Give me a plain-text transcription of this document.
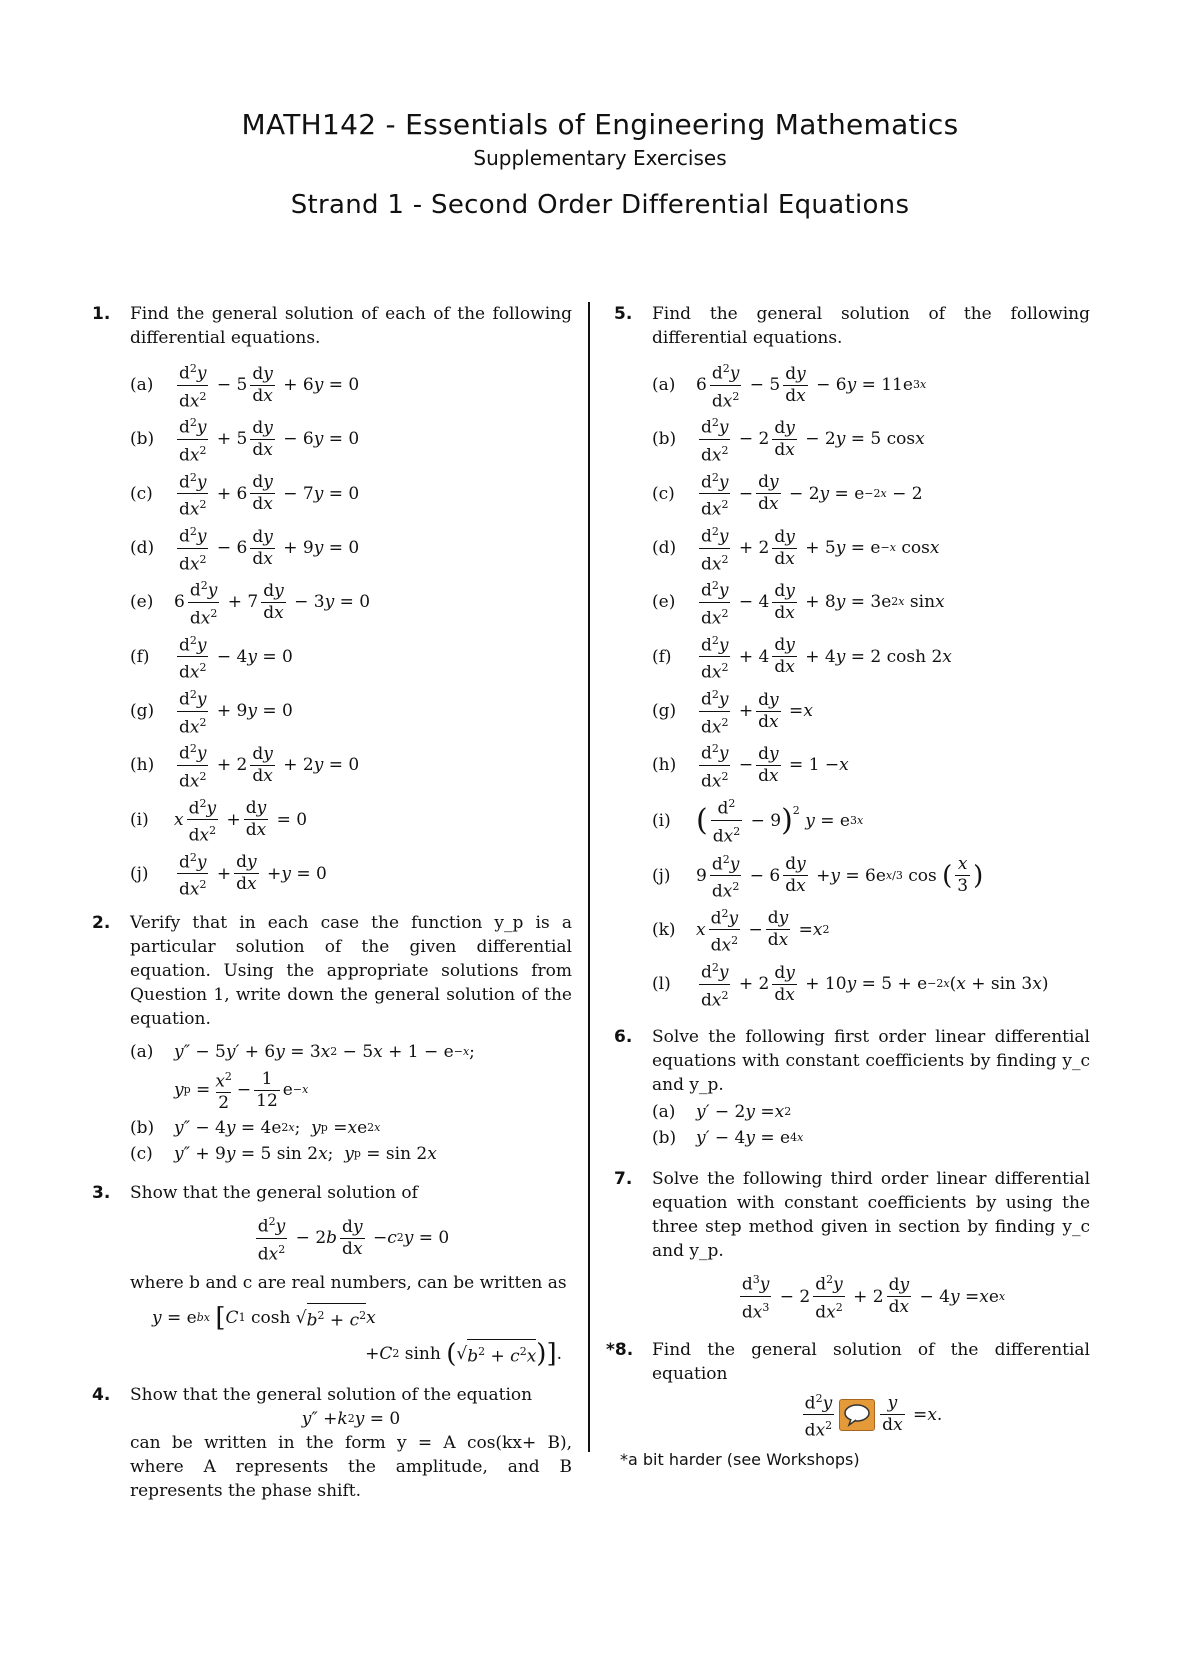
MATH142 - Essentials of Engineering Mathematics
Supplementary Exercises
Strand 1 - Second Order Differential Equations
1. Find the general solution of each of the following differential equations.
(a)	$\frac{d^2y}{dx^2} - 5 \frac{dy}{dx} + 6$ y = 0
(b)	$\frac{d^2y}{dx^2} + 5 \frac{dy}{dx} - 6$ y = 0
(c)	$\frac{d^2y}{dx^2} + 6 \frac{dy}{dx} - 7$ y = 0
(d)	$\frac{d^2y}{dx^2} - 6 \frac{dy}{dx} + 9$ y = 0
(e)	$6 \frac{d^2y}{dx^2} + 7 \frac{dy}{dx} - 3$ y = 0
(f)	$\frac{d^2y}{dx^2} - 4$ y = 0
(g)	$\frac{d^2y}{dx^2} + 9$ y = 0
(h)	$\frac{d^2y}{dx^2} + 2 \frac{dy}{dx} + 2$ y = 0
(i)	x $\frac{d^2y}{dx^2} + \frac{dy}{dx} = 0$
(j)	$\frac{d^2y}{dx^2} + \frac{dy}{dx} + y = 0$
2. Verify that in each case the function y_p is a particular solution of the given differential equation. Using the appropriate solutions from Question 1, write down the general solution of the equation.
(a)	y″ − 5 y′ + 6 y = 3 x 2 − 5 x + 1 − e −x ;
y $p = \frac{x^2}{2} - \frac{1}{12}$ e −x
(b)	y″ − 4 y = 4e 2x ; y p = x e 2x
(c)	y″ + 9 y = 5 sin 2 x ; y p = sin 2 x
3. Show that the general solution of
$\frac{d^2y}{dx^2} - 2$ b $\frac{dy}{dx} - c$ 2 y = 0
where b and c are real numbers, can be written as
y = e bx
[ C 1 cosh √ $b^2 + c^2$ x
+ C 2 sinh ( √ $b^2 + c^2x$ ) ] .
4. Show that the general solution of the equation
y″ + k 2 y = 0
can be written in the form y = A cos(kx+ B), where A represents the amplitude, and B represents the phase shift.
5. Find the general solution of the following differential equations.
(a)	$6 \frac{d^2y}{dx^2} - 5 \frac{dy}{dx} - 6$ y = 11e 3x
(b)	$\frac{d^2y}{dx^2} - 2 \frac{dy}{dx} - 2$ y = 5 cos x
(c)	$\frac{d^2y}{dx^2} - \frac{dy}{dx} - 2$ y = e −2x − 2
(d)	$\frac{d^2y}{dx^2} + 2 \frac{dy}{dx} + 5$ y = e −x cos x
(e)	$\frac{d^2y}{dx^2} - 4 \frac{dy}{dx} + 8$ y = 3e 2x sin x
(f)	$\frac{d^2y}{dx^2} + 4 \frac{dy}{dx} + 4$ y = 2 cosh 2 x
(g)	$\frac{d^2y}{dx^2} + \frac{dy}{dx} = x$
(h)	$\frac{d^2y}{dx^2} - \frac{dy}{dx} = 1 - x$
(i) ( $\frac{d^2}{dx^2} - 9$ )$^2$

y = e 3x
(j)	$9 \frac{d^2y}{dx^2} - 6 \frac{dy}{dx} + y = 6e$ x/3 cos ( $\frac{x}{3}$ )
(k)	x $\frac{d^2y}{dx^2} - \frac{dy}{dx} = x$ 2
(l)	$\frac{d^2y}{dx^2} + 2 \frac{dy}{dx} + 10$ y = 5 + e −2x ( x + sin 3 x )
6. Solve the following first order linear differential equations with constant coefficients by finding y_c and y_p.
(a)	y′ − 2 y = x 2
(b)	y′ − 4 y = e 4x
7. Solve the following third order linear differential equation with constant coefficients by using the three step method given in section by finding y_c and y_p.
$\frac{d^3y}{dx^3} - 2 \frac{d^2y}{dx^2} + 2 \frac{dy}{dx} - 4$ y = x e x
*8. Find the general solution of the differential equation
$\frac{d^2y}{dx^2}$	$\frac{y}{dx} = x$ .
*a bit harder (see Workshops)
